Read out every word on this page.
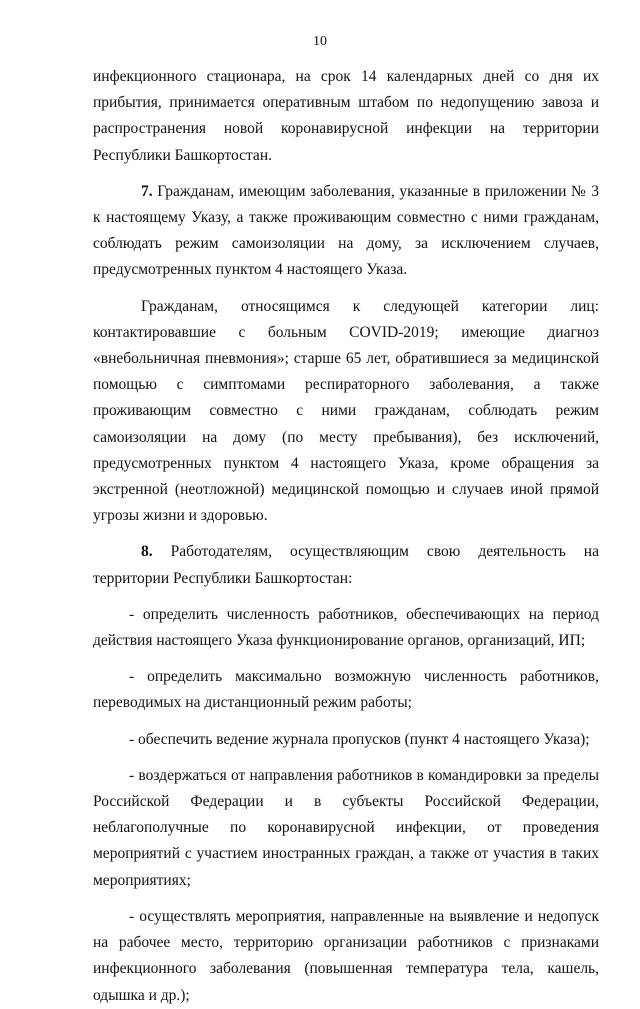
10

инфекционного стационара, на срок 14 календарных дней со дня их прибытия, принимается оперативным штабом по недопущению завоза и распространения новой коронавирусной инфекции на территории Республики Башкортостан.

7. Гражданам, имеющим заболевания, указанные в приложении № 3 к настоящему Указу, а также проживающим совместно с ними гражданам, соблюдать режим самоизоляции на дому, за исключением случаев, предусмотренных пунктом 4 настоящего Указа.

Гражданам, относящимся к следующей категории лиц: контактировавшие с больным COVID-2019; имеющие диагноз «внебольничная пневмония»; старше 65 лет, обратившиеся за медицинской помощью с симптомами респираторного заболевания, а также проживающим совместно с ними гражданам, соблюдать режим самоизоляции на дому (по месту пребывания), без исключений, предусмотренных пунктом 4 настоящего Указа, кроме обращения за экстренной (неотложной) медицинской помощью и случаев иной прямой угрозы жизни и здоровью.

8. Работодателям, осуществляющим свою деятельность на территории Республики Башкортостан:

- определить численность работников, обеспечивающих на период действия настоящего Указа функционирование органов, организаций, ИП;

- определить максимально возможную численность работников, переводимых на дистанционный режим работы;

- обеспечить ведение журнала пропусков (пункт 4 настоящего Указа);

- воздержаться от направления работников в командировки за пределы Российской Федерации и в субъекты Российской Федерации, неблагополучные по коронавирусной инфекции, от проведения мероприятий с участием иностранных граждан, а также от участия в таких мероприятиях;

- осуществлять мероприятия, направленные на выявление и недопуск на рабочее место, территорию организации работников с признаками инфекционного заболевания (повышенная температура тела, кашель, одышка и др.);
